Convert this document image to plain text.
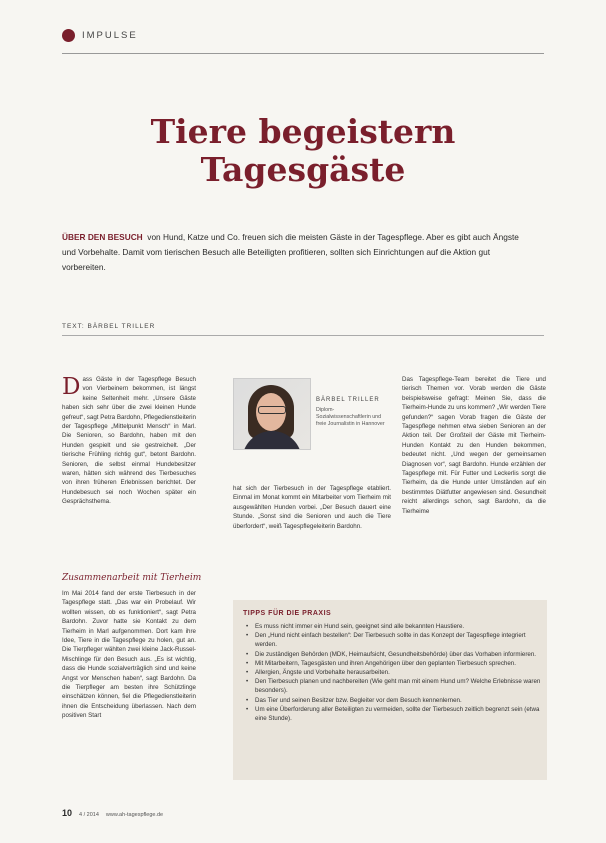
IMPULSE
Tiere begeistern
Tagesgäste

ÜBER DEN BESUCH von Hund, Katze und Co. freuen sich die meisten Gäste in der Tagespflege. Aber es gibt auch Ängste und Vorbehalte. Damit vom tierischen Besuch alle Beteiligten profitieren, sollten sich Einrichtungen auf die Aktion gut vorbereiten.

TEXT: BÄRBEL TRILLER

Dass Gäste in der Tagespflege Besuch von Vierbeinern bekommen, ist längst keine Seltenheit mehr. „Unsere Gäste haben sich sehr über die zwei kleinen Hunde gefreut“, sagt Petra Bardohn, Pflegedienstleiterin der Tagespflege „Mittelpunkt Mensch“ in Marl. Die Senioren, so Bardohn, haben mit den Hunden gespielt und sie gestreichelt. „Der tierische Frühling richtig gut“, betont Bardohn. Senioren, die selbst einmal Hundebesitzer waren, hätten sich während des Tierbesuches von ihren früheren Erlebnissen berichtet. Der Hundebesuch sei noch Wochen später ein Gesprächsthema.

Zusammenarbeit mit Tierheim

Im Mai 2014 fand der erste Tierbesuch in der Tagespflege statt. „Das war ein Probelauf. Wir wollten wissen, ob es funktioniert“, sagt Petra Bardohn. Zuvor hatte sie Kontakt zu dem Tierheim in Marl aufgenommen. Dort kam ihre Idee, Tiere in die Tagespflege zu holen, gut an. Die Tierpfleger wählten zwei kleine Jack-Russel-Mischlinge für den Besuch aus. „Es ist wichtig, dass die Hunde sozialverträglich sind und keine Angst vor Menschen haben“, sagt Bardohn. Da die Tierpfleger am besten ihre Schützlinge einschätzen können, fiel die Pflegedienstleiterin ihnen die Entscheidung überlassen. Nach dem positiven Start

BÄRBEL TRILLER
Diplom-Sozialwissenschaftlerin und freie Journalistin in Hannover

hat sich der Tierbesuch in der Tagespflege etabliert. Einmal im Monat kommt ein Mitarbeiter vom Tierheim mit ausgewählten Hunden vorbei. „Der Besuch dauert eine Stunde. „Sonst sind die Senioren und auch die Tiere überfordert“, weiß Tagespflegeleiterin Bardohn.

Das Tagespflege-Team bereitet die Tiere und tierisch Themen vor. Vorab werden die Gäste beispielsweise gefragt: Meinen Sie, dass die Tierheim-Hunde zu uns kommen? „Wir werden Tiere gefunden?“ sagen Vorab fragen die Gäste der Tagespflege nehmen etwa sieben Senioren an der Aktion teil. Der Großteil der Gäste mit Tierheim-Hunden Kontakt zu den Hunden bekommen, bedeutet nicht. „Und wegen der gemeinsamen Diagnosen vor“, sagt Bardohn. Hunde erzählen der Tagespflege mit. Für Futter und Leckerlis sorgt die Tierheim, da die Hunde unter Umständen auf ein bestimmtes Diätfutter angewiesen sind. Gesundheit reicht allerdings schon, sagt Bardohn, da die Tierheime

TIPPS FÜR DIE PRAXIS
• Es muss nicht immer ein Hund sein, geeignet sind alle bekannten Haustiere.
• Den „Hund nicht einfach bestellen“: Der Tierbesuch sollte in das Konzept der Tagespflege integriert werden.
• Die zuständigen Behörden (MDK, Heimaufsicht, Gesundheitsbehörde) über das Vorhaben informieren.
• Mit Mitarbeitern, Tagesgästen und ihren Angehörigen über den geplanten Tierbesuch sprechen.
• Allergien, Ängste und Vorbehalte herausarbeiten.
• Den Tierbesuch planen und nachbereiten (Wie geht man mit einem Hund um? Welche Erlebnisse waren besonders).
• Das Tier und seinen Besitzer bzw. Begleiter vor dem Besuch kennenlernen.
• Um eine Überforderung aller Beteiligten zu vermeiden, sollte der Tierbesuch zeitlich begrenzt sein (etwa eine Stunde).
10 4 / 2014 www.ah-tagespflege.de
